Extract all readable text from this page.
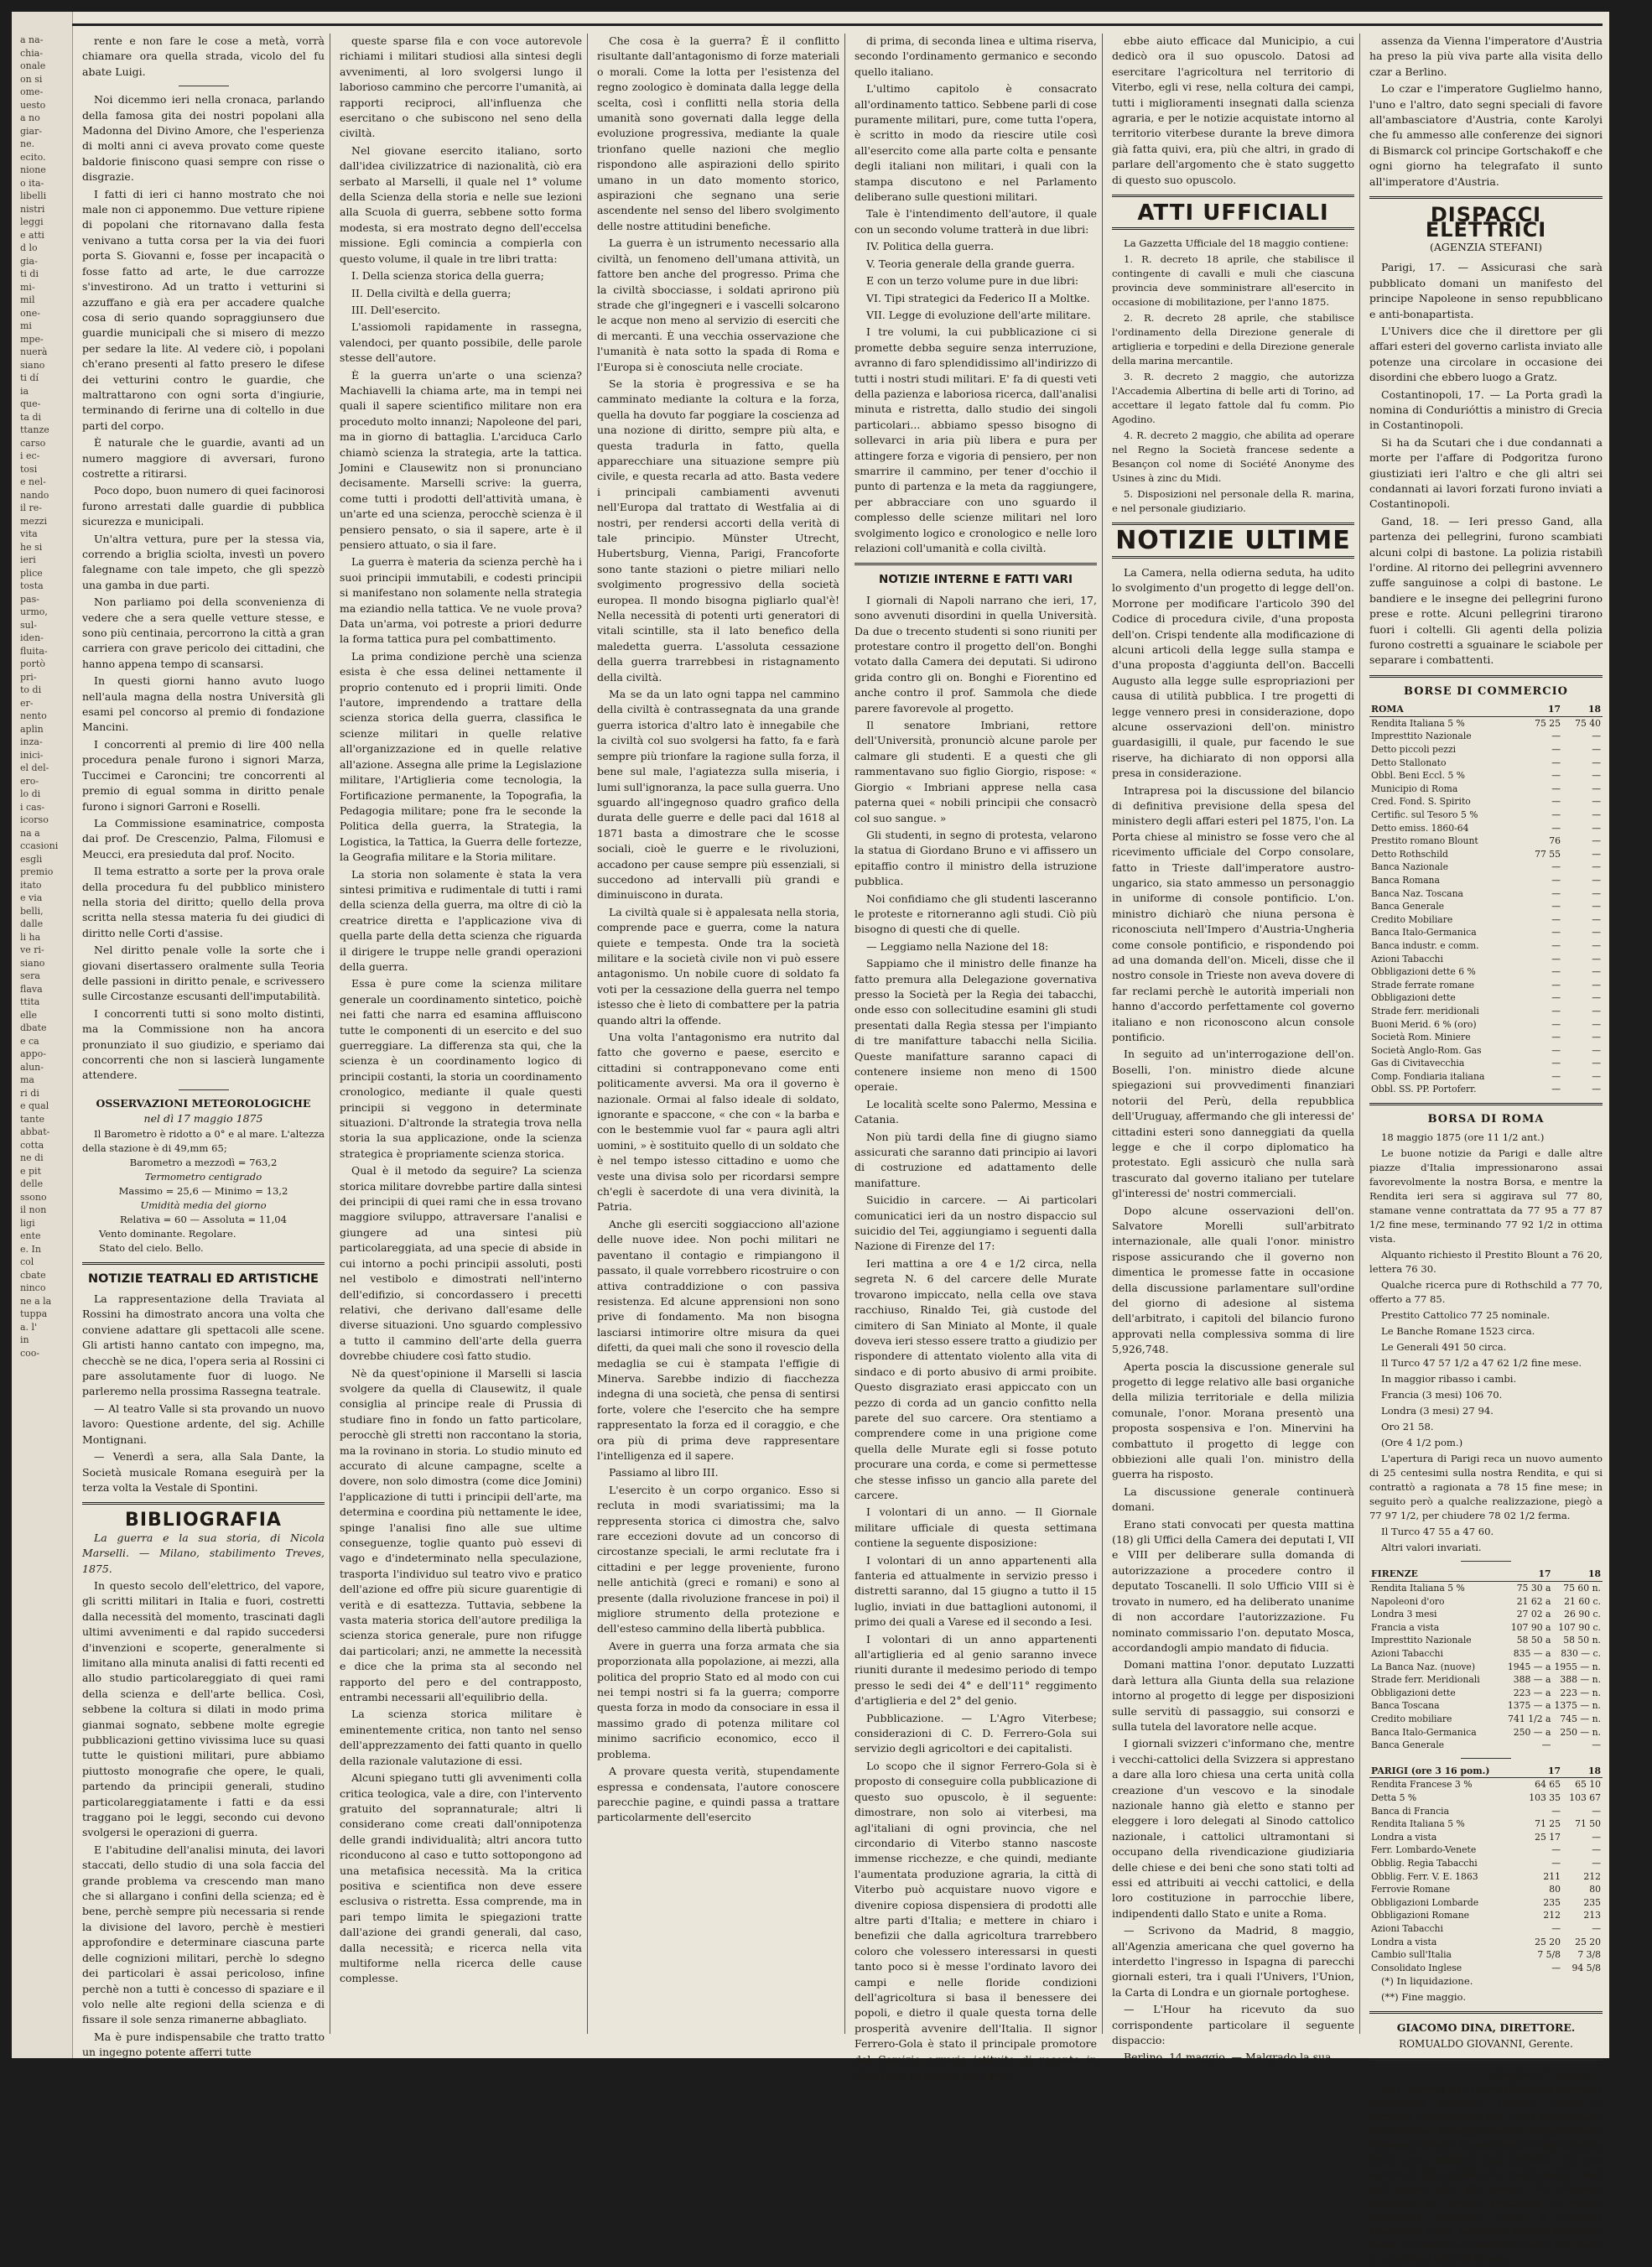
a na-
chia-
onale
on si
ome-
uesto
a no
giar-
ne.
ecito.
nione
o ita-
libelli
nistri
leggi
e atti
d lo
gia-
ti di
mi-
mil
one-
mi
mpe-
nuerà
siano
ti dí
ia
que-
ta di
ttanze
carso
i ec-
tosi
e nel-
nando
il re-
mezzi
vita
he si
ieri
plice
tosta
pas-
urmo,
sul-
iden-
fluita-
portò
pri-
to di
er-
nento
aplin
inza-
inici-
el del-
ero-
lo di
i cas-
icorso
na a
ccasioni
esgli
premio
itato
e via
belli,
dalle
li ha
ve ri-
siano
sera
flava
ttita
elle
dbate
e ca
appo-
alun-
ma
ri di
e qual
tante
abbat-
cotta
ne di
e pit
delle
ssono
il non
ligi
ente
e. In
col
cbate
ninco
ne a la
tuppa
a. l'
in
coo-

rente e non fare le cose a metà, vorrà chiamare ora quella strada, vicolo del fu abate Luigi.

Noi dicemmo ieri nella cronaca, parlando della famosa gita dei nostri popolani alla Madonna del Divino Amore, che l'esperienza di molti anni ci aveva provato come queste baldorie finiscono quasi sempre con risse o disgrazie.

I fatti di ieri ci hanno mostrato che noi male non ci apponemmo. Due vetture ripiene di popolani che ritornavano dalla festa venivano a tutta corsa per la via dei fuori porta S. Giovanni e, fosse per incapacità o fosse fatto ad arte, le due carrozze s'investirono. Ad un tratto i vetturini si azzuffano e già era per accadere qualche cosa di serio quando sopraggiunsero due guardie municipali che si misero di mezzo per sedare la lite. Al vedere ciò, i popolani ch'erano presenti al fatto presero le difese dei vetturini contro le guardie, che maltrattarono con ogni sorta d'ingiurie, terminando di ferirne una di coltello in due parti del corpo.

È naturale che le guardie, avanti ad un numero maggiore di avversari, furono costrette a ritirarsi.

Poco dopo, buon numero di quei facinorosi furono arrestati dalle guardie di pubblica sicurezza e municipali.

Un'altra vettura, pure per la stessa via, correndo a briglia sciolta, investì un povero falegname con tale impeto, che gli spezzò una gamba in due parti.

Non parliamo poi della sconvenienza di vedere che a sera quelle vetture stesse, e sono più centinaia, percorrono la città a gran carriera con grave pericolo dei cittadini, che hanno appena tempo di scansarsi.

In questi giorni hanno avuto luogo nell'aula magna della nostra Università gli esami pel concorso al premio di fondazione Mancini.

I concorrenti al premio di lire 400 nella procedura penale furono i signori Marza, Tuccimei e Caroncini; tre concorrenti al premio di egual somma in diritto penale furono i signori Garroni e Roselli.

La Commissione esaminatrice, composta dai prof. De Crescenzio, Palma, Filomusi e Meucci, era presieduta dal prof. Nocito.

Il tema estratto a sorte per la prova orale della procedura fu del pubblico ministero nella storia del diritto; quello della prova scritta nella stessa materia fu dei giudici di diritto nelle Corti d'assise.

Nel diritto penale volle la sorte che i giovani disertassero oralmente sulla Teoria delle passioni in diritto penale, e scrivessero sulle Circostanze escusanti dell'imputabilità.

I concorrenti tutti si sono molto distinti, ma la Commissione non ha ancora pronunziato il suo giudizio, e speriamo dai concorrenti che non si lascierà lungamente attendere.

OSSERVAZIONI METEOROLOGICHE
nel dì 17 maggio 1875
Il Barometro è ridotto a 0° e al mare. L'altezza della stazione è di 49,mm 65;
Barometro a mezzodì = 763,2
Termometro centigrado
Massimo = 25,6 — Minimo = 13,2
Umidità media del giorno
Relativa = 60 — Assoluta = 11,04
Vento dominante. Regolare.
Stato del cielo. Bello.
NOTIZIE TEATRALI ED ARTISTICHE

La rappresentazione della Traviata al Rossini ha dimostrato ancora una volta che conviene adattare gli spettacoli alle scene. Gli artisti hanno cantato con impegno, ma, checchè se ne dica, l'opera seria al Rossini ci pare assolutamente fuor di luogo. Ne parleremo nella prossima Rassegna teatrale.

— Al teatro Valle si sta provando un nuovo lavoro: Questione ardente, del sig. Achille Montignani.

— Venerdì a sera, alla Sala Dante, la Società musicale Romana eseguirà per la terza volta la Vestale di Spontini.

BIBLIOGRAFIA

La guerra e la sua storia, di Nicola Marselli. — Milano, stabilimento Treves, 1875.

In questo secolo dell'elettrico, del vapore, gli scritti militari in Italia e fuori, costretti dalla necessità del momento, trascinati dagli ultimi avvenimenti e dal rapido succedersi d'invenzioni e scoperte, generalmente si limitano alla minuta analisi di fatti recenti ed allo studio particolareggiato di quei rami della scienza e dell'arte bellica. Così, sebbene la coltura si dilati in modo prima gianmai sognato, sebbene molte egregie pubblicazioni gettino vivissima luce su quasi tutte le quistioni militari, pure abbiamo piuttosto monografie che opere, le quali, partendo da principii generali, studino particolareggiatamente i fatti e da essi traggano poi le leggi, secondo cui devono svolgersi le operazioni di guerra.

E l'abitudine dell'analisi minuta, dei lavori staccati, dello studio di una sola faccia del grande problema va crescendo man mano che si allargano i confini della scienza; ed è bene, perchè sempre più necessaria si rende la divisione del lavoro, perchè è mestieri approfondire e determinare ciascuna parte delle cognizioni militari, perchè lo sdegno dei particolari è assai pericoloso, infine perchè non a tutti è concesso di spaziare e il volo nelle alte regioni della scienza e di fissare il sole senza rimanerne abbagliato.

Ma è pure indispensabile che tratto tratto un ingegno potente afferri tutte

queste sparse fila e con voce autorevole richiami i militari studiosi alla sintesi degli avvenimenti, al loro svolgersi lungo il laborioso cammino che percorre l'umanità, ai rapporti reciproci, all'influenza che esercitano o che subiscono nel seno della civiltà.

Nel giovane esercito italiano, sorto dall'idea civilizzatrice di nazionalità, ciò era serbato al Marselli, il quale nel 1° volume della Scienza della storia e nelle sue lezioni alla Scuola di guerra, sebbene sotto forma modesta, si era mostrato degno dell'eccelsa missione. Egli comincia a compierla con questo volume, il quale in tre libri tratta:

I. Della scienza storica della guerra;

II. Della civiltà e della guerra;

III. Dell'esercito.

L'assiomoli rapidamente in rassegna, valendoci, per quanto possibile, delle parole stesse dell'autore.

È la guerra un'arte o una scienza? Machiavelli la chiama arte, ma in tempi nei quali il sapere scientifico militare non era proceduto molto innanzi; Napoleone del pari, ma in giorno di battaglia. L'arciduca Carlo chiamò scienza la strategia, arte la tattica. Jomini e Clausewitz non si pronunciano decisamente. Marselli scrive: la guerra, come tutti i prodotti dell'attività umana, è un'arte ed una scienza, perocchè scienza è il pensiero pensato, o sia il sapere, arte è il pensiero attuato, o sia il fare.

La guerra è materia da scienza perchè ha i suoi principii immutabili, e codesti principii si manifestano non solamente nella strategia ma eziandio nella tattica. Ve ne vuole prova? Data un'arma, voi potreste a priori dedurre la forma tattica pura pel combattimento.

La prima condizione perchè una scienza esista è che essa delinei nettamente il proprio contenuto ed i proprii limiti. Onde l'autore, imprendendo a trattare della scienza storica della guerra, classifica le scienze militari in quelle relative all'organizzazione ed in quelle relative all'azione. Assegna alle prime la Legislazione militare, l'Artiglieria come tecnologia, la Fortificazione permanente, la Topografia, la Pedagogia militare; pone fra le seconde la Politica della guerra, la Strategia, la Logistica, la Tattica, la Guerra delle fortezze, la Geografia militare e la Storia militare.

La storia non solamente è stata la vera sintesi primitiva e rudimentale di tutti i rami della scienza della guerra, ma oltre di ciò la creatrice diretta e l'applicazione viva di quella parte della detta scienza che riguarda il dirigere le truppe nelle grandi operazioni della guerra.

Essa è pure come la scienza militare generale un coordinamento sintetico, poichè nei fatti che narra ed esamina affluiscono tutte le componenti di un esercito e del suo guerreggiare. La differenza sta qui, che la scienza è un coordinamento logico di principii costanti, la storia un coordinamento cronologico, mediante il quale questi principii si veggono in determinate situazioni. D'altronde la strategia trova nella storia la sua applicazione, onde la scienza strategica è propriamente scienza storica.

Qual è il metodo da seguire? La scienza storica militare dovrebbe partire dalla sintesi dei principii di quei rami che in essa trovano maggiore sviluppo, attraversare l'analisi e giungere ad una sintesi più particolareggiata, ad una specie di abside in cui intorno a pochi principii assoluti, posti nel vestibolo e dimostrati nell'interno dell'edifizio, si concordassero i precetti relativi, che derivano dall'esame delle diverse situazioni. Uno sguardo complessivo a tutto il cammino dell'arte della guerra dovrebbe chiudere così fatto studio.

Nè da quest'opinione il Marselli si lascia svolgere da quella di Clausewitz, il quale consiglia al principe reale di Prussia di studiare fino in fondo un fatto particolare, perocchè gli stretti non raccontano la storia, ma la rovinano in storia. Lo studio minuto ed accurato di alcune campagne, scelte a dovere, non solo dimostra (come dice Jomini) l'applicazione di tutti i principii dell'arte, ma determina e coordina più nettamente le idee, spinge l'analisi fino alle sue ultime conseguenze, toglie quanto può essevi di vago e d'indeterminato nella speculazione, trasporta l'individuo sul teatro vivo e pratico dell'azione ed offre più sicure guarentigie di verità e di esattezza. Tuttavia, sebbene la vasta materia storica dell'autore prediliga la scienza storica generale, pure non rifugge dai particolari; anzi, ne ammette la necessità e dice che la prima sta al secondo nel rapporto del pero e del contrapposto, entrambi necessarii all'equilibrio della.

La scienza storica militare è eminentemente critica, non tanto nel senso dell'apprezzamento dei fatti quanto in quello della razionale valutazione di essi.

Alcuni spiegano tutti gli avvenimenti colla critica teologica, vale a dire, con l'intervento gratuito del soprannaturale; altri li considerano come creati dall'onnipotenza delle grandi individualità; altri ancora tutto riconducono al caso e tutto sottopongono ad una metafisica necessità. Ma la critica positiva e scientifica non deve essere esclusiva o ristretta. Essa comprende, ma in pari tempo limita le spiegazioni tratte dall'azione dei grandi generali, dal caso, dalla necessità; e ricerca nella vita multiforme nella ricerca delle cause complesse.

Che cosa è la guerra? È il conflitto risultante dall'antagonismo di forze materiali o morali. Come la lotta per l'esistenza del regno zoologico è dominata dalla legge della scelta, così i conflitti nella storia della umanità sono governati dalla legge della evoluzione progressiva, mediante la quale trionfano quelle nazioni che meglio rispondono alle aspirazioni dello spirito umano in un dato momento storico, aspirazioni che segnano una serie ascendente nel senso del libero svolgimento delle nostre attitudini benefiche.

La guerra è un istrumento necessario alla civiltà, un fenomeno dell'umana attività, un fattore ben anche del progresso. Prima che la civiltà sbocciasse, i soldati aprirono più strade che gl'ingegneri e i vascelli solcarono le acque non meno al servizio di eserciti che di mercanti. È una vecchia osservazione che l'umanità è nata sotto la spada di Roma e l'Europa si è conosciuta nelle crociate.

Se la storia è progressiva e se ha camminato mediante la coltura e la forza, quella ha dovuto far poggiare la coscienza ad una nozione di diritto, sempre più alta, e questa tradurla in fatto, quella apparecchiare una situazione sempre più civile, e questa recarla ad atto. Basta vedere i principali cambiamenti avvenuti nell'Europa dal trattato di Westfalia ai di nostri, per rendersi accorti della verità di tale principio. Münster Utrecht, Hubertsburg, Vienna, Parigi, Francoforte sono tante stazioni o pietre miliari nello svolgimento progressivo della società europea. Il mondo bisogna pigliarlo qual'è! Nella necessità di potenti urti generatori di vitali scintille, sta il lato benefico della maledetta guerra. L'assoluta cessazione della guerra trarrebbesi in ristagnamento della civiltà.

Ma se da un lato ogni tappa nel cammino della civiltà è contrassegnata da una grande guerra istorica d'altro lato è innegabile che la civiltà col suo svolgersi ha fatto, fa e farà sempre più trionfare la ragione sulla forza, il bene sul male, l'agiatezza sulla miseria, i lumi sull'ignoranza, la pace sulla guerra. Uno sguardo all'ingegnoso quadro grafico della durata delle guerre e delle paci dal 1618 al 1871 basta a dimostrare che le scosse sociali, cioè le guerre e le rivoluzioni, accadono per cause sempre più essenziali, si succedono ad intervalli più grandi e diminuiscono in durata.

La civiltà quale si è appalesata nella storia, comprende pace e guerra, come la natura quiete e tempesta. Onde tra la società militare e la società civile non vi può essere antagonismo. Un nobile cuore di soldato fa voti per la cessazione della guerra nel tempo istesso che è lieto di combattere per la patria quando altri la offende.

Una volta l'antagonismo era nutrito dal fatto che governo e paese, esercito e cittadini si contrapponevano come enti politicamente avversi. Ma ora il governo è nazionale. Ormai al falso ideale di soldato, ignorante e spaccone, « che con « la barba e con le bestemmie vuol far « paura agli altri uomini, » è sostituito quello di un soldato che è nel tempo istesso cittadino e uomo che veste una divisa solo per ricordarsi sempre ch'egli è sacerdote di una vera divinità, la Patria.

Anche gli eserciti soggiacciono all'azione delle nuove idee. Non pochi militari ne paventano il contagio e rimpiangono il passato, il quale vorrebbero ricostruire o con attiva contraddizione o con passiva resistenza. Ed alcune apprensioni non sono prive di fondamento. Ma non bisogna lasciarsi intimorire oltre misura da quei difetti, da quei mali che sono il rovescio della medaglia se cui è stampata l'effigie di Minerva. Sarebbe indizio di fiacchezza indegna di una società, che pensa di sentirsi forte, volere che l'esercito che ha sempre rappresentato la forza ed il coraggio, e che ora più di prima deve rappresentare l'intelligenza ed il sapere.

Passiamo al libro III.

L'esercito è un corpo organico. Esso si recluta in modi svariatissimi; ma la reppresenta storica ci dimostra che, salvo rare eccezioni dovute ad un concorso di circostanze speciali, le armi reclutate fra i cittadini e per legge proveniente, furono nelle antichità (greci e romani) e sono al presente (dalla rivoluzione francese in poi) il migliore strumento della protezione e dell'esteso cammino della libertà pubblica.

Avere in guerra una forza armata che sia proporzionata alla popolazione, ai mezzi, alla politica del proprio Stato ed al modo con cui nei tempi nostri si fa la guerra; comporre questa forza in modo da consociare in essa il massimo grado di potenza militare col minimo sacrificio economico, ecco il problema.

A provare questa verità, stupendamente espressa e condensata, l'autore conoscere parecchie pagine, e quindi passa a trattare particolarmente dell'esercito

di prima, di seconda linea e ultima riserva, secondo l'ordinamento germanico e secondo quello italiano.

L'ultimo capitolo è consacrato all'ordinamento tattico. Sebbene parli di cose puramente militari, pure, come tutta l'opera, è scritto in modo da riescire utile così all'esercito come alla parte colta e pensante degli italiani non militari, i quali con la stampa discutono e nel Parlamento deliberano sulle questioni militari.

Tale è l'intendimento dell'autore, il quale con un secondo volume tratterà in due libri:

IV. Politica della guerra.

V. Teoria generale della grande guerra.

E con un terzo volume pure in due libri:

VI. Tipi strategici da Federico II a Moltke.

VII. Legge di evoluzione dell'arte militare.

I tre volumi, la cui pubblicazione ci si promette debba seguire senza interruzione, avranno di faro splendidissimo all'indirizzo di tutti i nostri studi militari. E' fa di questi veti della pazienza e laboriosa ricerca, dall'analisi minuta e ristretta, dallo studio dei singoli particolari... abbiamo spesso bisogno di sollevarci in aria più libera e pura per attingere forza e vigoria di pensiero, per non smarrire il cammino, per tener d'occhio il punto di partenza e la meta da raggiungere, per abbracciare con uno sguardo il complesso delle scienze militari nel loro svolgimento logico e cronologico e nelle loro relazioni coll'umanità e colla civiltà.

NOTIZIE INTERNE E FATTI VARI

I giornali di Napoli narrano che ieri, 17, sono avvenuti disordini in quella Università. Da due o trecento studenti si sono riuniti per protestare contro il progetto dell'on. Bonghi votato dalla Camera dei deputati. Si udirono grida contro gli on. Bonghi e Fiorentino ed anche contro il prof. Sammola che diede parere favorevole al progetto.

Il senatore Imbriani, rettore dell'Università, pronunciò alcune parole per calmare gli studenti. E a questi che gli rammentavano suo figlio Giorgio, rispose: « Giorgio « Imbriani apprese nella casa paterna quei « nobili principii che consacrò col suo sangue. »

Gli studenti, in segno di protesta, velarono la statua di Giordano Bruno e vi affissero un epitaffio contro il ministro della istruzione pubblica.

Noi confidiamo che gli studenti lasceranno le proteste e ritorneranno agli studi. Ciò più bisogno di questi che di quelle.

— Leggiamo nella Nazione del 18:

Sappiamo che il ministro delle finanze ha fatto premura alla Delegazione governativa presso la Società per la Regìa dei tabacchi, onde esso con sollecitudine esamini gli studi presentati dalla Regìa stessa per l'impianto di tre manifatture tabacchi nella Sicilia. Queste manifatture saranno capaci di contenere insieme non meno di 1500 operaie.

Le località scelte sono Palermo, Messina e Catania.

Non più tardi della fine di giugno siamo assicurati che saranno dati principio ai lavori di costruzione ed adattamento delle manifatture.

Suicidio in carcere. — Ai particolari comunicatici ieri da un nostro dispaccio sul suicidio del Tei, aggiungiamo i seguenti dalla Nazione di Firenze del 17:

Ieri mattina a ore 4 e 1/2 circa, nella segreta N. 6 del carcere delle Murate trovarono impiccato, nella cella ove stava racchiuso, Rinaldo Tei, già custode del cimitero di San Miniato al Monte, il quale doveva ieri stesso essere tratto a giudizio per rispondere di attentato violento alla vita di sindaco e di porto abusivo di armi proibite. Questo disgraziato erasi appiccato con un pezzo di corda ad un gancio confitto nella parete del suo carcere. Ora stentiamo a comprendere come in una prigione come quella delle Murate egli si fosse potuto procurare una corda, e come si permettesse che stesse infisso un gancio alla parete del carcere.

I volontari di un anno. — Il Giornale militare ufficiale di questa settimana contiene la seguente disposizione:

I volontari di un anno appartenenti alla fanteria ed attualmente in servizio presso i distretti saranno, dal 15 giugno a tutto il 15 luglio, inviati in due battaglioni autonomi, il primo dei quali a Varese ed il secondo a Iesi.

I volontari di un anno appartenenti all'artiglieria ed al genio saranno invece riuniti durante il medesimo periodo di tempo presso le sedi dei 4° e dell'11° reggimento d'artiglieria e del 2° del genio.

Pubblicazione. — L'Agro Viterbese; considerazioni di C. D. Ferrero-Gola sui servizio degli agricoltori e dei capitalisti.

Lo scopo che il signor Ferrero-Gola si è proposto di conseguire colla pubblicazione di questo suo opuscolo, è il seguente: dimostrare, non solo ai viterbesi, ma agl'italiani di ogni provincia, che nel circondario di Viterbo stanno nascoste immense ricchezze, e che quindi, mediante l'aumentata produzione agraria, la città di Viterbo può acquistare nuovo vigore e divenire copiosa dispensiera di prodotti alle altre parti d'Italia; e mettere in chiaro i benefizii che dalla agricoltura trarrebbero coloro che volessero interessarsi in questi tanto poco si è messe l'ordinato lavoro dei campi e nelle floride condizioni dell'agricoltura si basa il benessere dei popoli, e dietro il quale questa torna delle prosperità avvenire dell'Italia. Il signor Ferrero-Gola è stato il principale promotore del Comizio agrario istituito di recente in Viterbo, e in questa sua opera

ebbe aiuto efficace dal Municipio, a cui dedicò ora il suo opuscolo. Datosi ad esercitare l'agricoltura nel territorio di Viterbo, egli vi rese, nella coltura dei campi, tutti i miglioramenti insegnati dalla scienza agraria, e per le notizie acquistate intorno al territorio viterbese durante la breve dimora già fatta quivi, era, più che altri, in grado di parlare dell'argomento che è stato suggetto di questo suo opuscolo.

ATTI UFFICIALI

La Gazzetta Ufficiale del 18 maggio contiene:

1. R. decreto 18 aprile, che stabilisce il contingente di cavalli e muli che ciascuna provincia deve somministrare all'esercito in occasione di mobilitazione, per l'anno 1875.

2. R. decreto 28 aprile, che stabilisce l'ordinamento della Direzione generale di artiglieria e torpedini e della Direzione generale della marina mercantile.

3. R. decreto 2 maggio, che autorizza l'Accademia Albertina di belle arti di Torino, ad accettare il legato fattole dal fu comm. Pio Agodino.

4. R. decreto 2 maggio, che abilita ad operare nel Regno la Società francese sedente a Besançon col nome di Société Anonyme des Usines à zinc du Midi.

5. Disposizioni nel personale della R. marina, e nel personale giudiziario.

NOTIZIE ULTIME

La Camera, nella odierna seduta, ha udito lo svolgimento d'un progetto di legge dell'on. Morrone per modificare l'articolo 390 del Codice di procedura civile, d'una proposta dell'on. Crispi tendente alla modificazione di alcuni articoli della legge sulla stampa e d'una proposta d'aggiunta dell'on. Baccelli Augusto alla legge sulle espropriazioni per causa di utilità pubblica. I tre progetti di legge vennero presi in considerazione, dopo alcune osservazioni dell'on. ministro guardasigilli, il quale, pur facendo le sue riserve, ha dichiarato di non opporsi alla presa in considerazione.

Intrapresa poi la discussione del bilancio di definitiva previsione della spesa del ministero degli affari esteri pel 1875, l'on. La Porta chiese al ministro se fosse vero che al ricevimento ufficiale del Corpo consolare, fatto in Trieste dall'imperatore austro-ungarico, sia stato ammesso un personaggio in uniforme di console pontificio. L'on. ministro dichiarò che niuna persona è riconosciuta nell'Impero d'Austria-Ungheria come console pontificio, e rispondendo poi ad una domanda dell'on. Miceli, disse che il nostro console in Trieste non aveva dovere di far reclami perchè le autorità imperiali non hanno d'accordo perfettamente col governo italiano e non riconoscono alcun console pontificio.

In seguito ad un'interrogazione dell'on. Boselli, l'on. ministro diede alcune spiegazioni sui provvedimenti finanziari notorii del Perù, della repubblica dell'Uruguay, affermando che gli interessi de' cittadini esteri sono danneggiati da quella legge e che il corpo diplomatico ha protestato. Egli assicurò che nulla sarà trascurato dal governo italiano per tutelare gl'interessi de' nostri commerciali.

Dopo alcune osservazioni dell'on. Salvatore Morelli sull'arbitrato internazionale, alle quali l'onor. ministro rispose assicurando che il governo non dimentica le promesse fatte in occasione della discussione parlamentare sull'ordine del giorno di adesione al sistema dell'arbitrato, i capitoli del bilancio furono approvati nella complessiva somma di lire 5,926,748.

Aperta poscia la discussione generale sul progetto di legge relativo alle basi organiche della milizia territoriale e della milizia comunale, l'onor. Morana presentò una proposta sospensiva e l'on. Minervini ha combattuto il progetto di legge con obbiezioni alle quali l'on. ministro della guerra ha risposto.

La discussione generale continuerà domani.

Erano stati convocati per questa mattina (18) gli Uffici della Camera dei deputati I, VII e VIII per deliberare sulla domanda di autorizzazione a procedere contro il deputato Toscanelli. Il solo Ufficio VIII si è trovato in numero, ed ha deliberato unanime di non accordare l'autorizzazione. Fu nominato commissario l'on. deputato Mosca, accordandogli ampio mandato di fiducia.

Domani mattina l'onor. deputato Luzzatti darà lettura alla Giunta della sua relazione intorno al progetto di legge per disposizioni sulle servitù di passaggio, sui consorzi e sulla tutela del lavoratore nelle acque.

I giornali svizzeri c'informano che, mentre i vecchi-cattolici della Svizzera si apprestano a dare alla loro chiesa una certa unità colla creazione d'un vescovo e la sinodale nazionale hanno già eletto e stanno per eleggere i loro delegati al Sinodo cattolico nazionale, i cattolici ultramontani si occupano della rivendicazione giudiziaria delle chiese e dei beni che sono stati tolti ad essi ed attribuiti ai vecchi cattolici, e della loro costituzione in parrocchie libere, indipendenti dallo Stato e unite a Roma.

— Scrivono da Madrid, 8 maggio, all'Agenzia americana che quel governo ha interdetto l'ingresso in Ispagna di parecchi giornali esteri, tra i quali l'Univers, l'Union, la Carta di Londra e un giornale portoghese.

— L'Hour ha ricevuto da suo corrispondente particolare il seguente dispaccio:

Berlino, 14 maggio. — Malgrado la sua

assenza da Vienna l'imperatore d'Austria ha preso la più viva parte alla visita dello czar a Berlino.

Lo czar e l'imperatore Guglielmo hanno, l'uno e l'altro, dato segni speciali di favore all'ambasciatore d'Austria, conte Karolyi che fu ammesso alle conferenze dei signori di Bismarck col principe Gortschakoff e che ogni giorno ha telegrafato il sunto all'imperatore d'Austria.

DISPACCI ELETTRICI
(AGENZIA STEFANI)

Parigi, 17. — Assicurasi che sarà pubblicato domani un manifesto del principe Napoleone in senso repubblicano e anti-bonapartista.

L'Univers dice che il direttore per gli affari esteri del governo carlista inviato alle potenze una circolare in occasione dei disordini che ebbero luogo a Gratz.

Costantinopoli, 17. — La Porta gradì la nomina di Condurióttis a ministro di Grecia in Costantinopoli.

Si ha da Scutari che i due condannati a morte per l'affare di Podgoritza furono giustiziati ieri l'altro e che gli altri sei condannati ai lavori forzati furono inviati a Costantinopoli.

Gand, 18. — Ieri presso Gand, alla partenza dei pellegrini, furono scambiati alcuni colpi di bastone. La polizia ristabilì l'ordine. Al ritorno dei pellegrini avvennero zuffe sanguinose a colpi di bastone. Le bandiere e le insegne dei pellegrini furono prese e rotte. Alcuni pellegrini tirarono fuori i coltelli. Gli agenti della polizia furono costretti a sguainare le sciabole per separare i combattenti.

BORSE DI COMMERCIO
ROMA	17	18
Rendita Italiana 5 %	75 25	75 40
Impresttito Nazionale	—	—
Detto piccoli pezzi	—	—
Detto Stallonato	—	—
Obbl. Beni Eccl. 5 %	—	—
Municipio di Roma	—	—
Cred. Fond. S. Spirito	—	—
Certific. sul Tesoro 5 %	—	—
Detto emiss. 1860-64	—	—
Prestito romano Blount	76	—
Detto Rothschild	77 55	—
Banca Nazionale	—	—
Banca Romana	—	—
Banca Naz. Toscana	—	—
Banca Generale	—	—
Credito Mobiliare	—	—
Banca Italo-Germanica	—	—
Banca industr. e comm.	—	—
Azioni Tabacchi	—	—
Obbligazioni dette 6 %	—	—
Strade ferrate romane	—	—
Obbligazioni dette	—	—
Strade ferr. meridionali	—	—
Buoni Merid. 6 % (oro)	—	—
Società Rom. Miniere	—	—
Società Anglo-Rom. Gas	—	—
Gas di Civitavecchia	—	—
Comp. Fondiaria italiana	—	—
Obbl. SS. PP. Portoferr.	—	—
BORSA DI ROMA

18 maggio 1875 (ore 11 1/2 ant.)

Le buone notizie da Parigi e dalle altre piazze d'Italia impressionarono assai favorevolmente la nostra Borsa, e mentre la Rendita ieri sera si aggirava sul 77 80, stamane venne contrattata da 77 95 a 77 87 1/2 fine mese, terminando 77 92 1/2 in ottima vista.

Alquanto richiesto il Prestito Blount a 76 20, lettera 76 30.

Qualche ricerca pure di Rothschild a 77 70, offerto a 77 85.

Prestito Cattolico 77 25 nominale.

Le Banche Romane 1523 circa.

Le Generali 491 50 circa.

Il Turco 47 57 1/2 a 47 62 1/2 fine mese.

In maggior ribasso i cambi.

Francia (3 mesi) 106 70.

Londra (3 mesi) 27 94.

Oro 21 58.

(Ore 4 1/2 pom.)

L'apertura di Parigi reca un nuovo aumento di 25 centesimi sulla nostra Rendita, e qui si contrattò a ragionata a 78 15 fine mese; in seguito però a qualche realizzazione, piegò a 77 97 1/2, per chiudere 78 02 1/2 ferma.

Il Turco 47 55 a 47 60.

Altri valori invariati.

FIRENZE	17	18
Rendita Italiana 5 %	75 30 a	75 60 n.
Napoleoni d'oro	21 62 a	21 60 c.
Londra 3 mesi	27 02 a	26 90 c.
Francia a vista	107 90 a	107 90 c.
Impresttito Nazionale	58 50 a	58 50 n.
Azioni Tabacchi	835 — a	830 — c.
La Banca Naz. (nuove)	1945 — a	1955 — n.
Strade ferr. Meridionali	388 — a	388 — n.
Obbligazioni dette	223 — a	223 — n.
Banca Toscana	1375 — a	1375 — n.
Credito mobiliare	741 1/2 a	745 — n.
Banca Italo-Germanica	250 — a	250 — n.
Banca Generale	—	—
PARIGI (ore 3 16 pom.)	17	18
Rendita Francese 3 %	64 65	65 10
Detta 5 %	103 35	103 67
Banca di Francia	—	—
Rendita Italiana 5 %	71 25	71 50
Londra a vista	25 17	—
Ferr. Lombardo-Venete	—	—
Obblig. Regìa Tabacchi	—	—
Obblig. Ferr. V. E. 1863	211	212
Ferrovie Romane	80	80
Obbligazioni Lombarde	235	235
Obbligazioni Romane	212	213
Azioni Tabacchi	—	—
Londra a vista	25 20	25 20
Cambio sull'Italia	7 5/8	7 3/8
Consolidato Inglese	—	94 5/8

(*) In liquidazione.

(**) Fine maggio.

GIACOMO DINA, DIRETTORE.
ROMUALDO GIOVANNI, Gerente.
Palermo, 11 maggio.

Una lagrima dal cuore alla dolce memoria dell'insigne avvocato Luciano Longo di presente venuto meno alle ore 4 pomeridiane di domenica (9 maggio) mentre rileggeva nello interesse del suo scocedopoito il Regolamento della Leva militare, ora dedicato dal suo autore ai figli, moglie ove erano riuniti i suoi cari meno che gli assenti da Palermo, Giuseppe ed Enrico. Prodiezza di mente, prodigiosa memoria, facile e vigorosa eloquenza, lealtà, semplicità di modi e bontà di cuore, lo resero caro anche a coloro che meno lo stimarono nella di lui sem-
